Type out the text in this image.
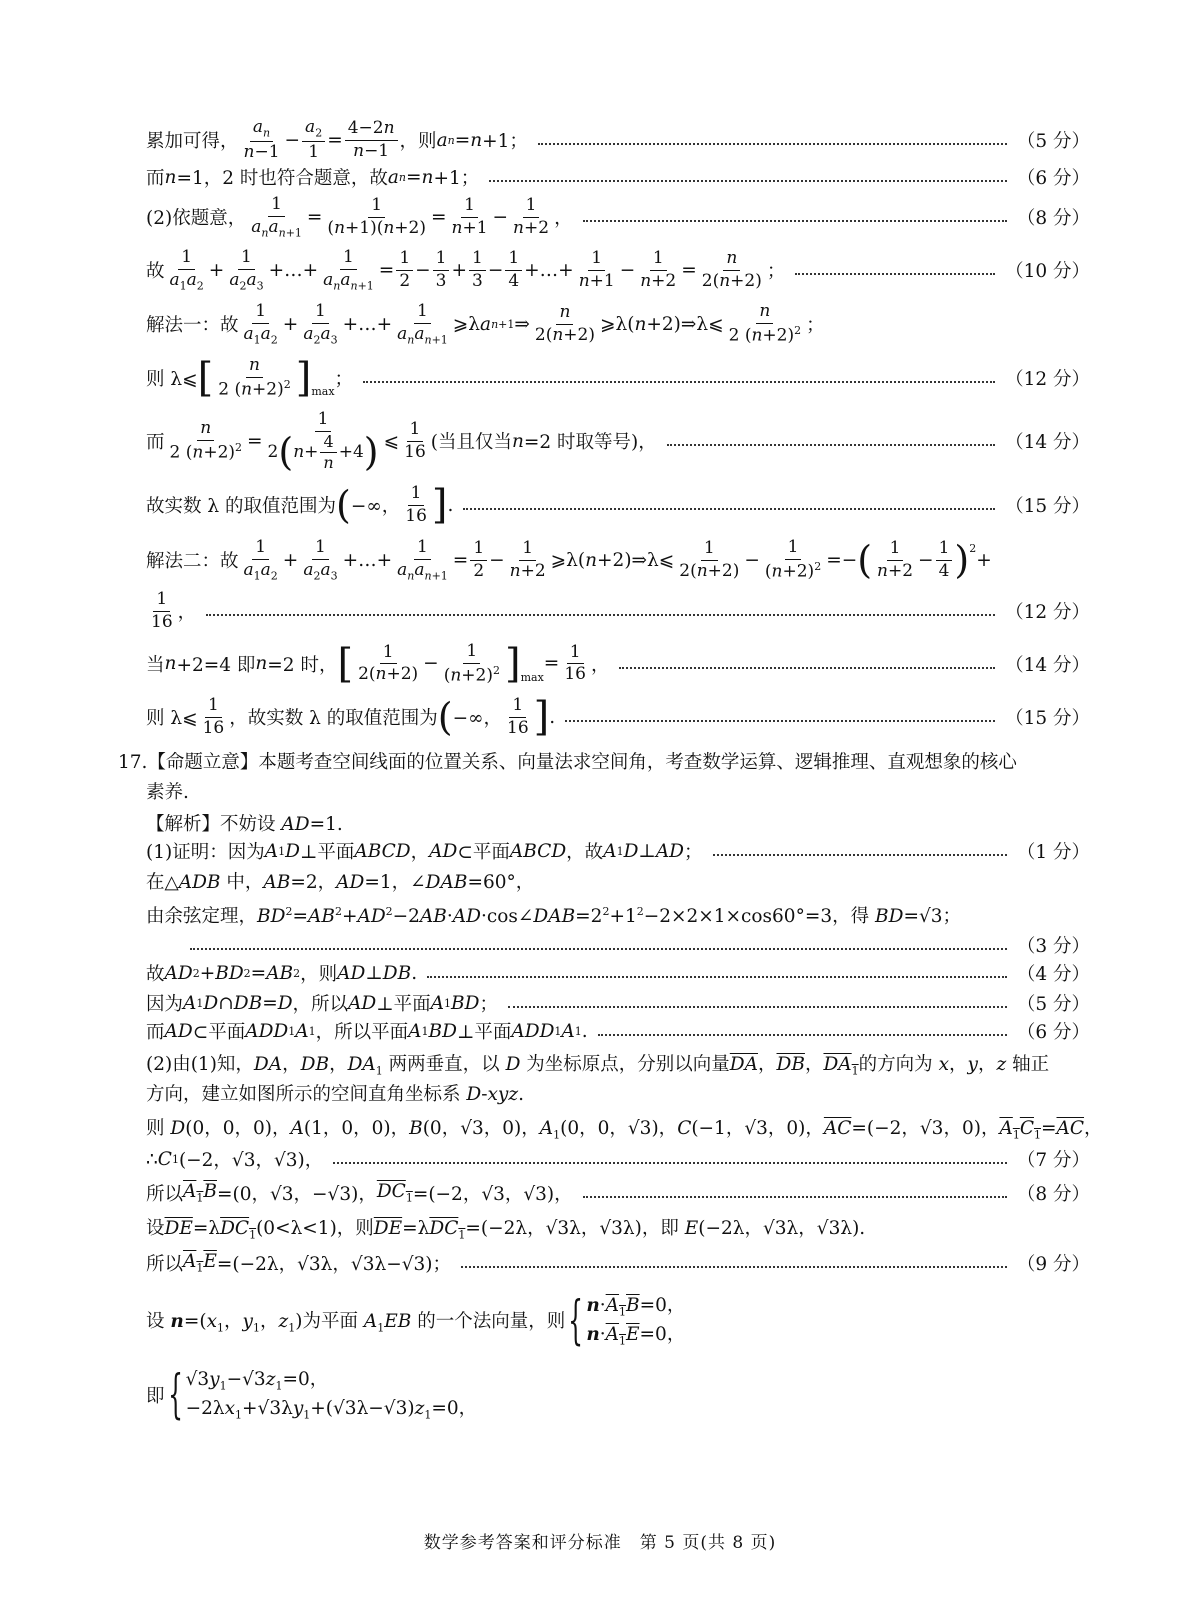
累加可得， $\frac{a_n}{n-1} - \frac{a_2}{1} = \frac{4-2n}{n-1}$ ，则 a n = n +1；	（5 分）
而 n =1，2 时也符合题意，故 a n = n +1；	（6 分）
(2)依题意， $\frac{1}{a_na_{n+1}} = \frac{1}{(n+1)(n+2)} = \frac{1}{n+1} - \frac{1}{n+2}$ ，	（8 分）
故 $\frac{1}{a_1a_2} + \frac{1}{a_2a_3}$ +…+ $\frac{1}{a_na_{n+1}} = \frac{1}{2} - \frac{1}{3} + \frac{1}{3} - \frac{1}{4}$ +…+ $\frac{1}{n+1} - \frac{1}{n+2} = \frac{n}{2(n+2)}$ ；	（10 分）
解法一：故 $\frac{1}{a_1a_2} + \frac{1}{a_2a_3}$ +…+ $\frac{1}{a_na_{n+1}}$ ⩾λ a n+1 ⇒ $\frac{n}{2(n+2)}$ ⩾λ( n +2)⇒λ⩽ $\frac{n}{2 (n+2)^2}$ ；
则 λ⩽ [ $\frac{n}{2 (n+2)^2} ]_{max}$
；	（12 分）
而 $\frac{n}{2 (n+2)^2} = \frac{1}{2 ( n + \frac{4}{n} +4 )}$ ⩽ $\frac{1}{16}$ (当且仅当 n =2 时取等号)，	（14 分）
故实数 λ 的取值范围为 ( −∞， $\frac{1}{16}$ ] .	（15 分）
解法二：故 $\frac{1}{a_1a_2} + \frac{1}{a_2a_3}$ +…+ $\frac{1}{a_na_{n+1}} = \frac{1}{2} - \frac{1}{n+2}$ ⩾λ( n +2)⇒λ⩽ $\frac{1}{2(n+2)} - \frac{1}{(n+2)^2}$ =− ( $\frac{1}{n+2} - \frac{1}{4} )^2$
+
$\frac{1}{16}$ ，	（12 分）
当 n +2=4 即 n =2 时， [ $\frac{1}{2(n+2)} - \frac{1}{(n+2)^2} ]_{max}$
= $\frac{1}{16}$ ，	（14 分）
则 λ⩽ $\frac{1}{16}$ ，故实数 λ 的取值范围为 ( −∞， $\frac{1}{16}$ ] .	（15 分）
17.【命题立意】本题考查空间线面的位置关系、向量法求空间角，考查数学运算、逻辑推理、直观想象的核心
素养.
【解析】不妨设 AD=1.
(1)证明：因为 A 1 D ⊥平面 ABCD ， AD ⊂平面 ABCD ，故 A 1 D ⊥ AD ；	（1 分）
在△ADB 中，AB=2，AD=1，∠DAB=60°，
由余弦定理，$BD^2=AB^2+AD^2-2AB\cdot AD\cdot\cos\angle DAB=2^2+1^2-2\times 2\times 1\times\cos 60^\circ=3$，得 BD=√3；
（3 分）
故 AD 2 + BD 2 = AB 2 ，则 AD ⊥ DB .	（4 分）
因为 A 1 D ∩ DB = D ，所以 AD ⊥平面 A 1 BD ；	（5 分）
而 AD ⊂平面 ADD 1 A 1 ，所以平面 A 1 BD ⊥平面 ADD 1 A 1 .	（6 分）
(2)由(1)知，DA，DB，$DA_1$ 两两垂直，以 D 为坐标原点，分别以向量$\overline{DA}$，$\overline{DB}$，$DA_1$的方向为 x，y，z 轴正
方向，建立如图所示的空间直角坐标系 D-xyz.
则 D(0，0，0)，A(1，0，0)，B(0，√3，0)，$A_1(0$，0，√3)，C(−1，√3，0)，$\overline{AC}=(-2$，√3，0)，$A_1C_1=\overline{AC}$，
∴ C 1 (−2，√3，√3)，	（7 分）
所以 $A_1B =(0$，√3，−√3)， $DC_1 =(-2$，√3，√3)，	（8 分）
设$\overline{DE}=\lambda DC_1(0<\lambda<1)$，则$\overline{DE}=\lambda DC_1=(-2\lambda$，√3λ，√3λ)，即 E(−2λ，√3λ，√3λ).
所以 $A_1E =(-2\lambda$，√3λ，√3λ−√3)；	（9 分）
设 $n=(x_1$，$y_1$，$z_1$)为平面 $A_1EB$ 的一个法向量，则 { $n\cdot A_1B=0$，
$n\cdot A_1E=0$，
即 { $√3y_1-√3z_1=0$，
$-2\lambda x_1+√3\lambda y_1+(√3\lambda-√3)z_1=0$，
数学参考答案和评分标准　第 5 页(共 8 页)
